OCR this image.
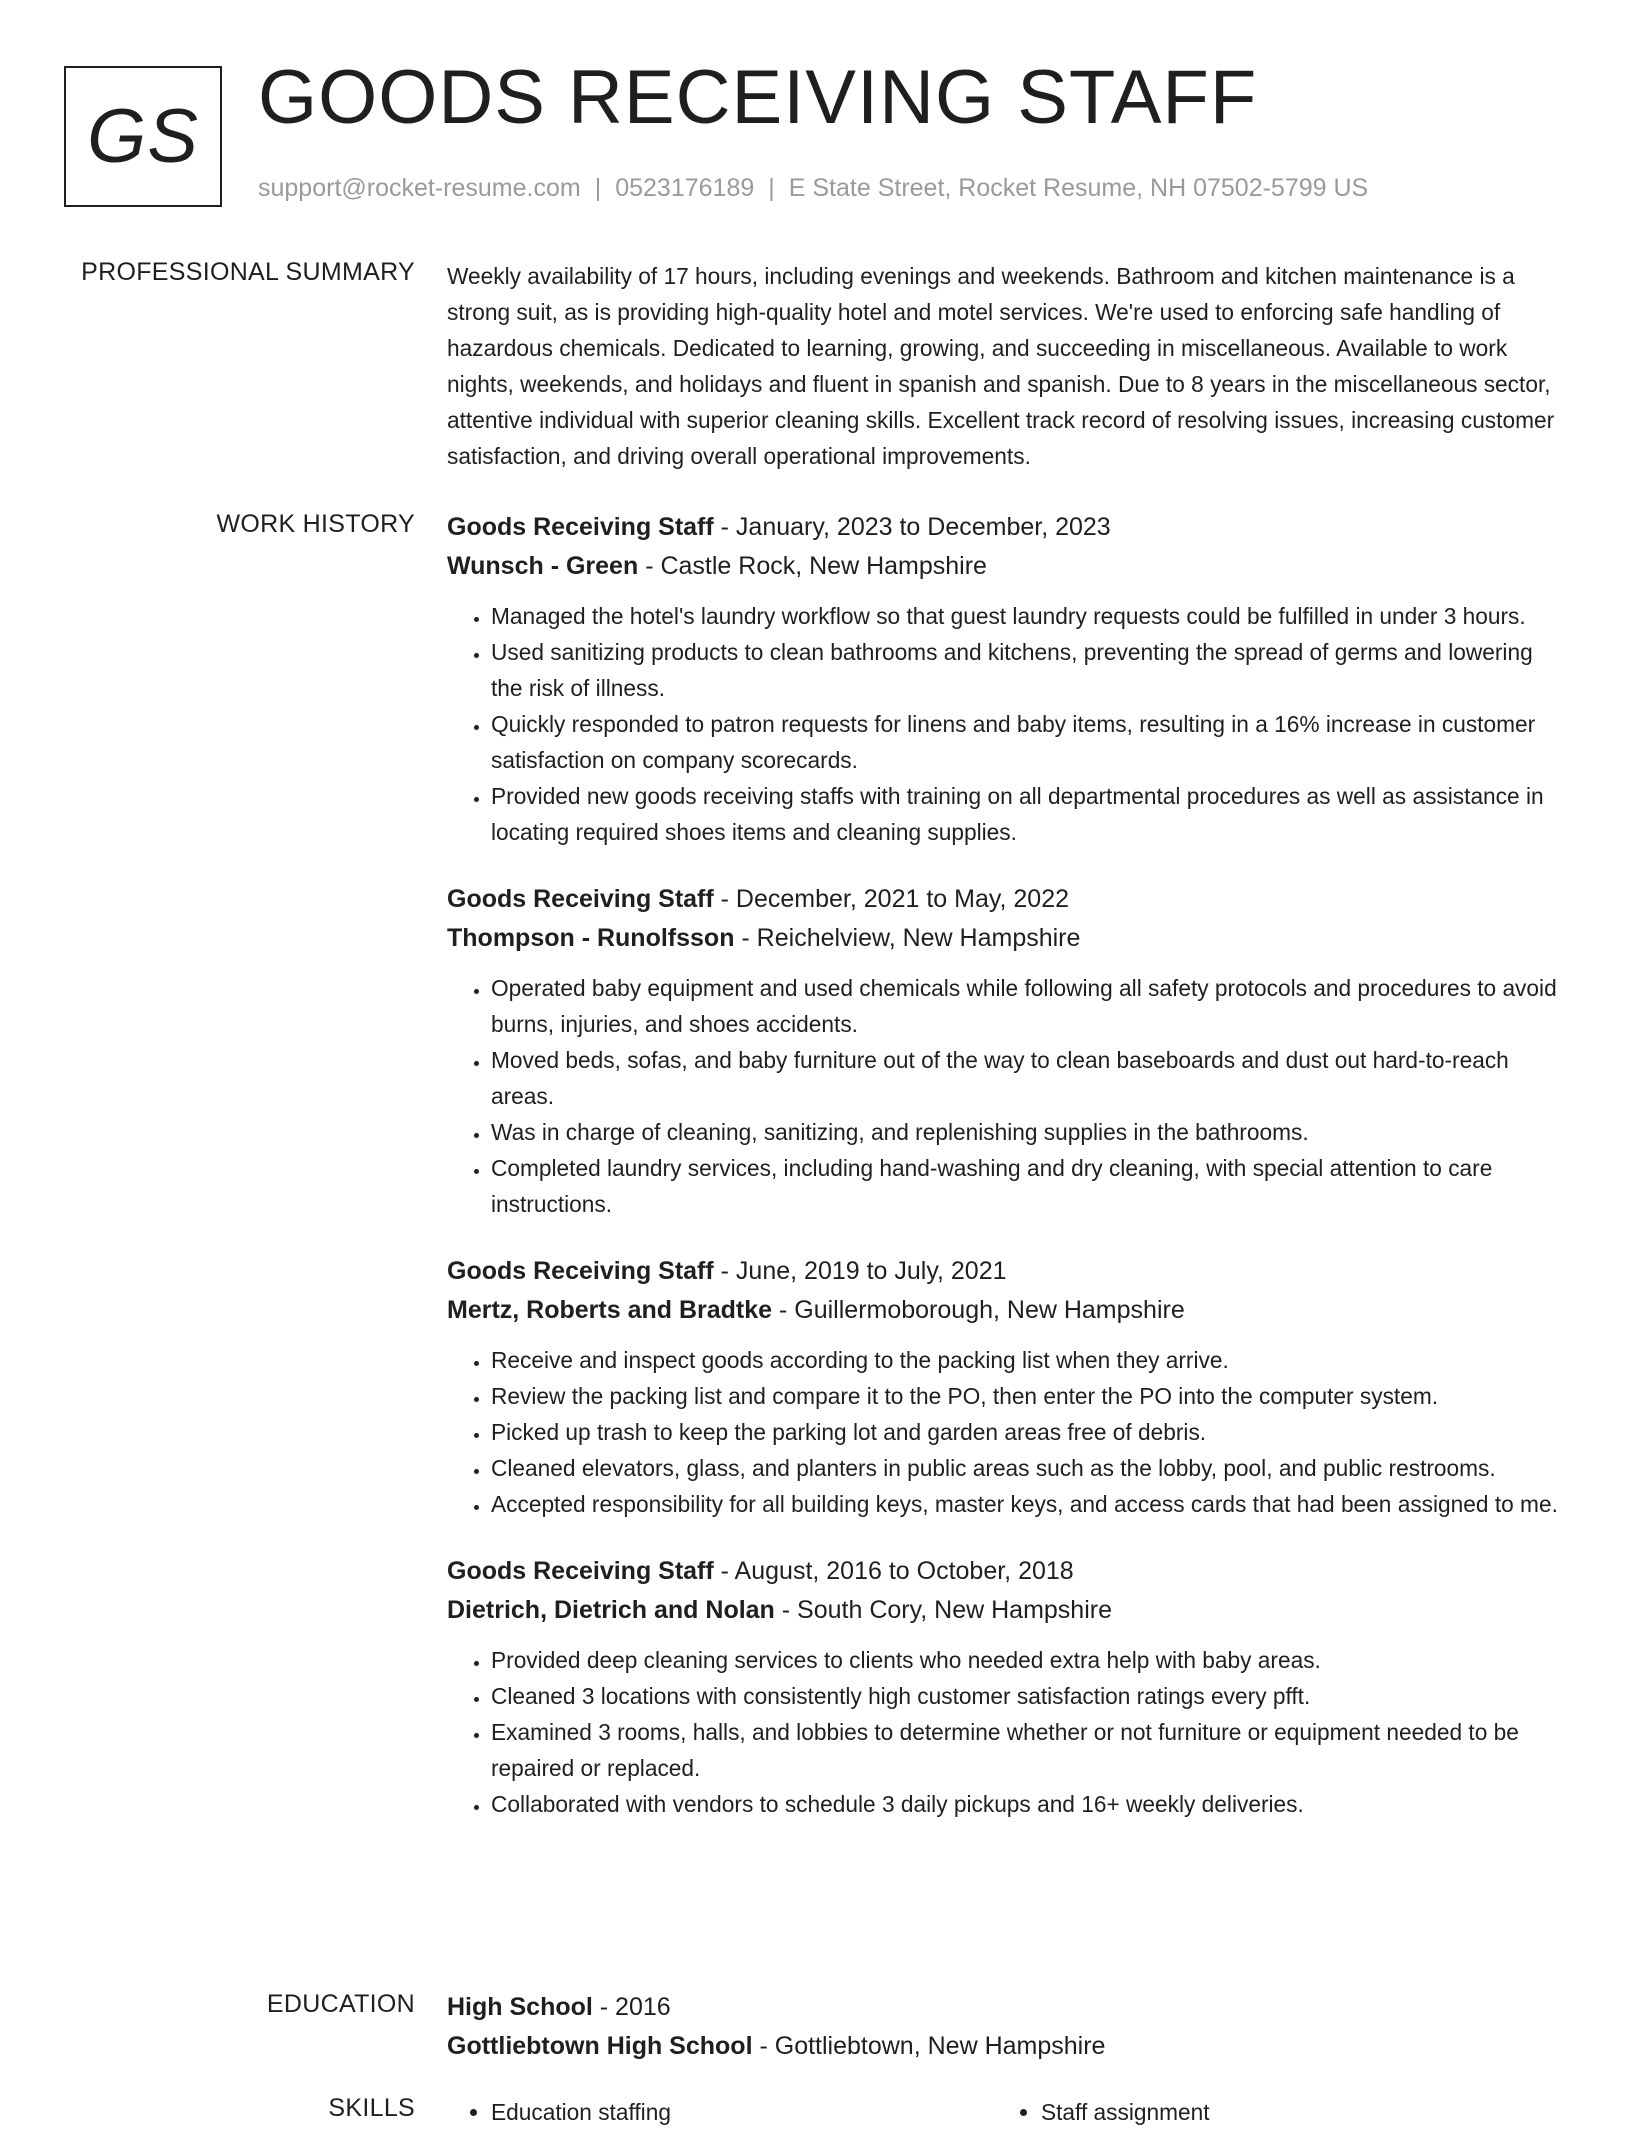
GS GOODS RECEIVING STAFF
support@rocket-resume.com | 0523176189 | E State Street, Rocket Resume, NH 07502-5799 US
PROFESSIONAL SUMMARY Weekly availability of 17 hours, including evenings and weekends. Bathroom and kitchen maintenance is a strong suit, as is providing high-quality hotel and motel services. We're used to enforcing safe handling of hazardous chemicals. Dedicated to learning, growing, and succeeding in miscellaneous. Available to work nights, weekends, and holidays and fluent in spanish and spanish. Due to 8 years in the miscellaneous sector, attentive individual with superior cleaning skills. Excellent track record of resolving issues, increasing customer satisfaction, and driving overall operational improvements.

WORK HISTORY Goods Receiving Staff - January, 2023 to December, 2023
Wunsch - Green - Castle Rock, New Hampshire
• Managed the hotel's laundry workflow so that guest laundry requests could be fulfilled in under 3 hours.
• Used sanitizing products to clean bathrooms and kitchens, preventing the spread of germs and lowering the risk of illness.
• Quickly responded to patron requests for linens and baby items, resulting in a 16% increase in customer satisfaction on company scorecards.
• Provided new goods receiving staffs with training on all departmental procedures as well as assistance in locating required shoes items and cleaning supplies.
Goods Receiving Staff - December, 2021 to May, 2022
Thompson - Runolfsson - Reichelview, New Hampshire
• Operated baby equipment and used chemicals while following all safety protocols and procedures to avoid burns, injuries, and shoes accidents.
• Moved beds, sofas, and baby furniture out of the way to clean baseboards and dust out hard-to-reach areas.
• Was in charge of cleaning, sanitizing, and replenishing supplies in the bathrooms.
• Completed laundry services, including hand-washing and dry cleaning, with special attention to care instructions.
Goods Receiving Staff - June, 2019 to July, 2021
Mertz, Roberts and Bradtke - Guillermoborough, New Hampshire
• Receive and inspect goods according to the packing list when they arrive.
• Review the packing list and compare it to the PO, then enter the PO into the computer system.
• Picked up trash to keep the parking lot and garden areas free of debris.
• Cleaned elevators, glass, and planters in public areas such as the lobby, pool, and public restrooms.
• Accepted responsibility for all building keys, master keys, and access cards that had been assigned to me.
Goods Receiving Staff - August, 2016 to October, 2018
Dietrich, Dietrich and Nolan - South Cory, New Hampshire
• Provided deep cleaning services to clients who needed extra help with baby areas.
• Cleaned 3 locations with consistently high customer satisfaction ratings every pfft.
• Examined 3 rooms, halls, and lobbies to determine whether or not furniture or equipment needed to be repaired or replaced.
• Collaborated with vendors to schedule 3 daily pickups and 16+ weekly deliveries.
EDUCATION High School - 2016
Gottliebtown High School - Gottliebtown, New Hampshire
SKILLS	• Education staffing	• Staff assignment
